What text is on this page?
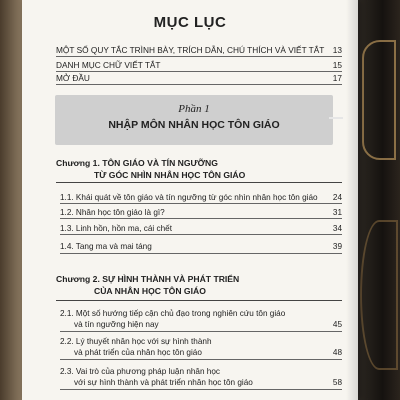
MỤC LỤC
MỘT SỐ QUY TẮC TRÌNH BÀY, TRÍCH DẪN, CHÚ THÍCH VÀ VIẾT TẮT 13
DANH MỤC CHỮ VIẾT TẮT	15
MỞ ĐẦU	17
Phần 1
NHẬP MÔN NHÂN HỌC TÔN GIÁO
Chương 1. TÔN GIÁO VÀ TÍN NGƯỠNG
TỪ GÓC NHÌN NHÂN HỌC TÔN GIÁO
1.1. Khái quát về tôn giáo và tín ngưỡng từ góc nhìn nhân học tôn giáo 24
1.2. Nhân học tôn giáo là gì?	31
1.3. Linh hồn, hồn ma, cái chết	34
1.4. Tang ma và mai táng	39
Chương 2. SỰ HÌNH THÀNH VÀ PHÁT TRIỂN
CỦA NHÂN HỌC TÔN GIÁO
2.1. Một số hướng tiếp cận chủ đạo trong nghiên cứu tôn giáo
và tín ngưỡng hiện nay	45
2.2. Lý thuyết nhân học với sự hình thành
và phát triển của nhân học tôn giáo	48
2.3. Vai trò của phương pháp luận nhân học
với sự hình thành và phát triển nhân học tôn giáo	58
